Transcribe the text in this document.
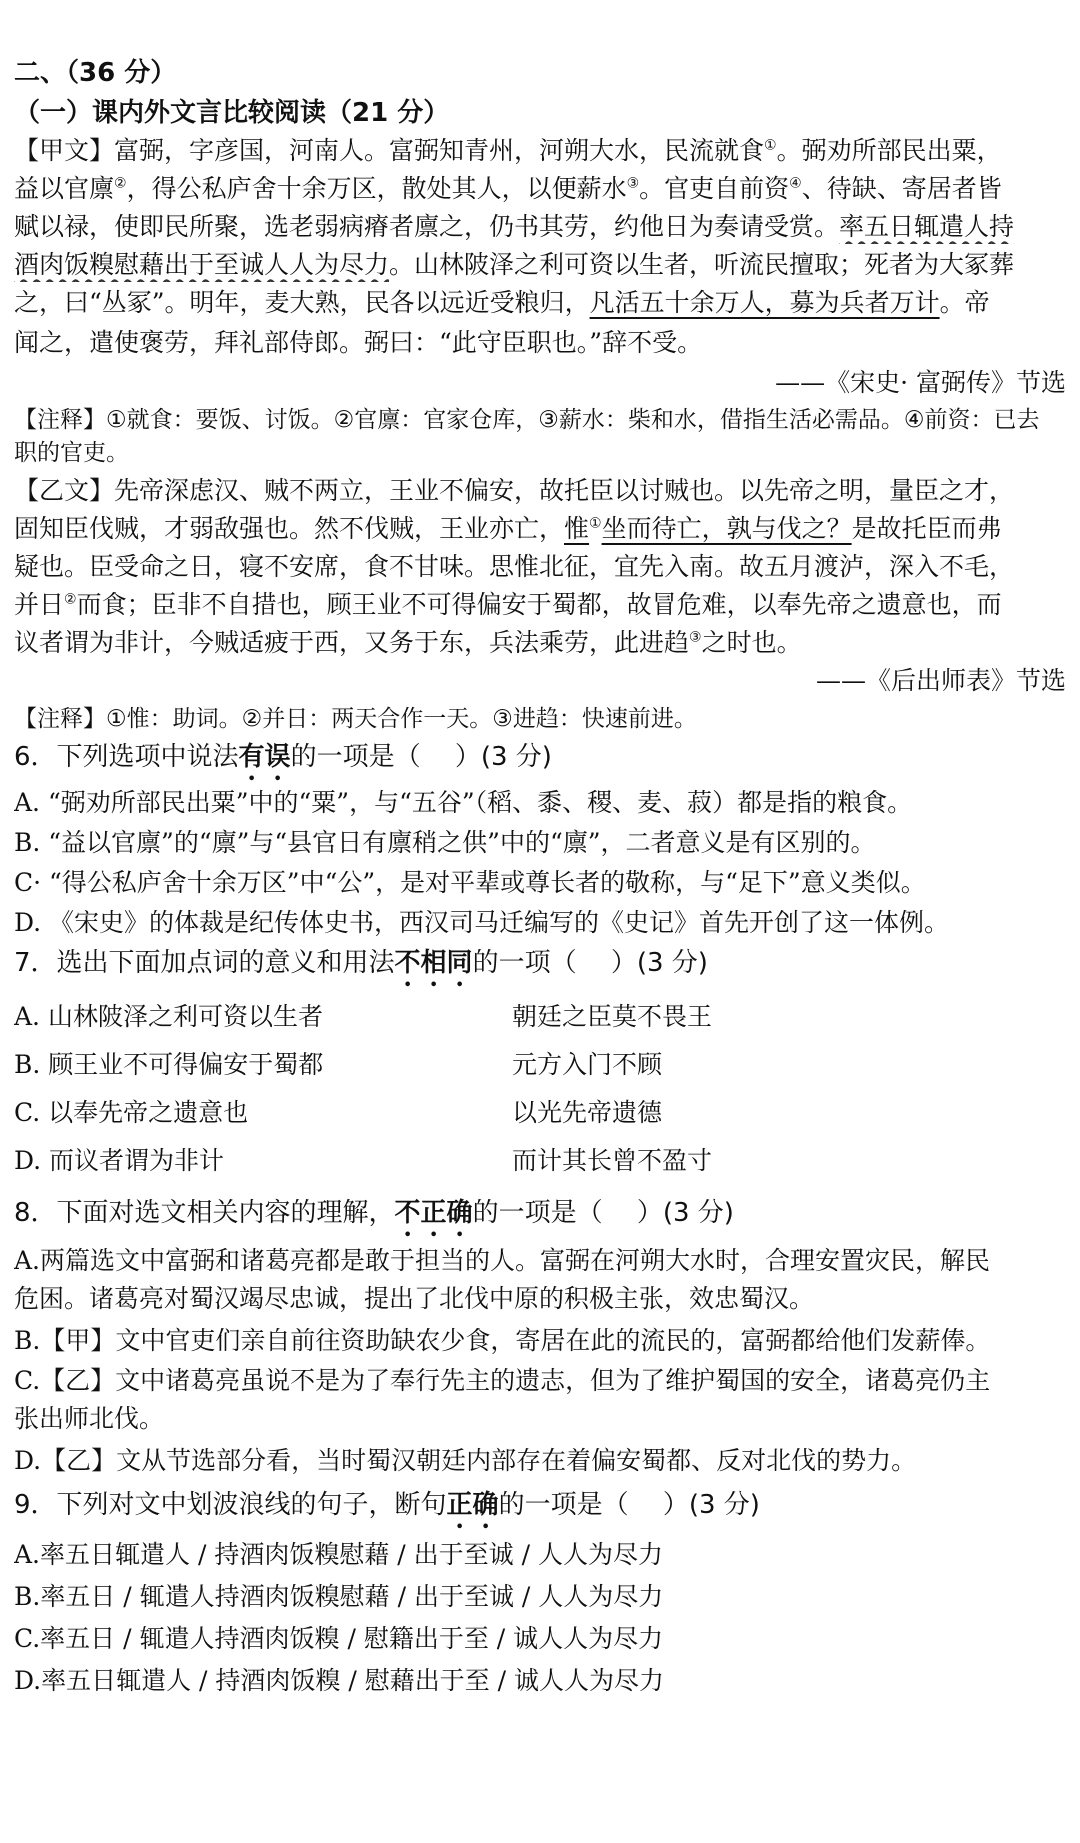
二、（36 分）
（一）课内外文言比较阅读（21 分）
【甲文】富弼，字彦国，河南人。富弼知青州，河朔大水，民流就食①。弼劝所部民出粟，
益以官廪②，得公私庐舍十余万区，散处其人，以便薪水③。官吏自前资④、待缺、寄居者皆
赋以禄，使即民所聚，选老弱病瘠者廪之，仍书其劳，约他日为奏请受赏。率五日辄遣人持
酒肉饭糗慰藉出于至诚人人为尽力。山林陂泽之利可资以生者，听流民擅取；死者为大冢葬
之，曰“丛冢”。明年，麦大熟，民各以远近受粮归，凡活五十余万人，募为兵者万计。帝
闻之，遣使褒劳，拜礼部侍郎。弼曰：“此守臣职也。”辞不受。
——《宋史· 富弼传》节选
【注释】①就食：要饭、讨饭。②官廪：官家仓库，③薪水：柴和水，借指生活必需品。④前资：已去
职的官吏。
【乙文】先帝深虑汉、贼不两立，王业不偏安，故托臣以讨贼也。以先帝之明，量臣之才，
固知臣伐贼，才弱敌强也。然不伐贼，王业亦亡，惟①坐而待亡，孰与伐之？是故托臣而弗
疑也。臣受命之日，寝不安席，食不甘味。思惟北征，宜先入南。故五月渡泸，深入不毛，
并日②而食；臣非不自措也，顾王业不可得偏安于蜀都，故冒危难，以奉先帝之遗意也，而
议者谓为非计，今贼适疲于西，又务于东，兵法乘劳，此进趋③之时也。
——《后出师表》节选
【注释】①惟：助词。②并日：两天合作一天。③进趋：快速前进。
6．下列选项中说法有误的一项是（　 ）(3 分)
A. “弼劝所部民出粟”中的“粟”，与“五谷”（稻、黍、稷、麦、菽）都是指的粮食。
B. “益以官廪”的“廪”与“县官日有廪稍之供”中的“廪”，二者意义是有区别的。
C· “得公私庐舍十余万区”中“公”，是对平辈或尊长者的敬称，与“足下”意义类似。
D. 《宋史》的体裁是纪传体史书，西汉司马迁编写的《史记》首先开创了这一体例。
7．选出下面加点词的意义和用法不相同的一项（　 ）(3 分)
A. 山林陂泽之利可资以生者	朝廷之臣莫不畏王
B. 顾王业不可得偏安于蜀都	元方入门不顾
C. 以奉先帝之遗意也	以光先帝遗德
D. 而议者谓为非计	而计其长曾不盈寸
8．下面对选文相关内容的理解，不正确的一项是（　 ）(3 分)
A.两篇选文中富弼和诸葛亮都是敢于担当的人。富弼在河朔大水时，合理安置灾民，解民
危困。诸葛亮对蜀汉竭尽忠诚，提出了北伐中原的积极主张，效忠蜀汉。
B.【甲】文中官吏们亲自前往资助缺农少食，寄居在此的流民的，富弼都给他们发薪俸。
C.【乙】文中诸葛亮虽说不是为了奉行先主的遗志，但为了维护蜀国的安全，诸葛亮仍主
张出师北伐。
D.【乙】文从节选部分看，当时蜀汉朝廷内部存在着偏安蜀都、反对北伐的势力。
9．下列对文中划波浪线的句子，断句正确的一项是（　 ）(3 分)
A.率五日辄遣人 / 持酒肉饭糗慰藉 / 出于至诚 / 人人为尽力
B.率五日 / 辄遣人持酒肉饭糗慰藉 / 出于至诚 / 人人为尽力
C.率五日 / 辄遣人持酒肉饭糗 / 慰籍出于至 / 诚人人为尽力
D.率五日辄遣人 / 持酒肉饭糗 / 慰藉出于至 / 诚人人为尽力
